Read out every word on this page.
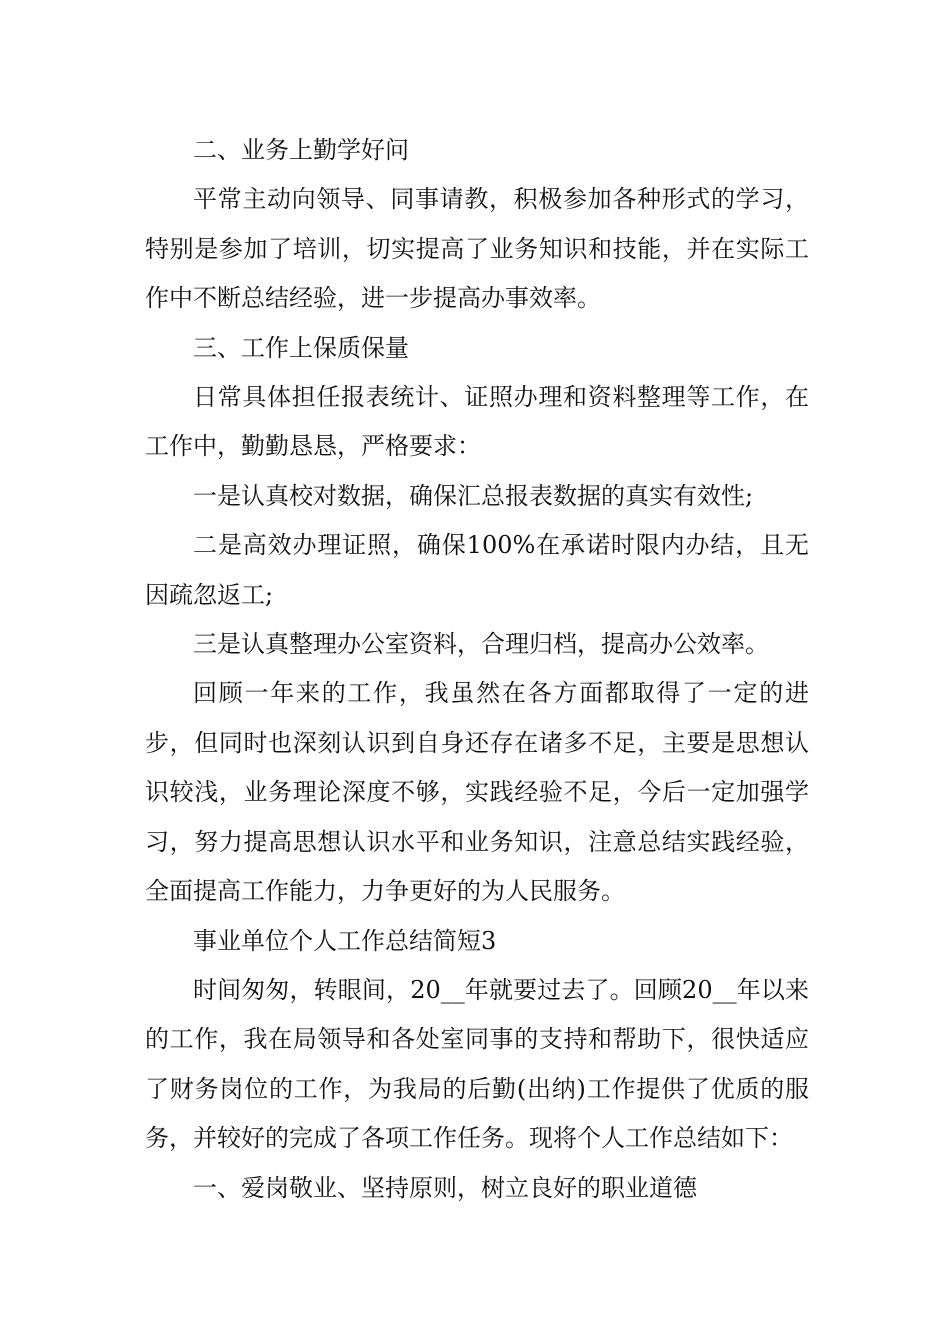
二、业务上勤学好问

平常主动向领导、同事请教，积极参加各种形式的学习，特别是参加了培训，切实提高了业务知识和技能，并在实际工作中不断总结经验，进一步提高办事效率。

三、工作上保质保量

日常具体担任报表统计、证照办理和资料整理等工作，在工作中，勤勤恳恳，严格要求：

一是认真校对数据，确保汇总报表数据的真实有效性;

二是高效办理证照，确保100%在承诺时限内办结，且无因疏忽返工;

三是认真整理办公室资料，合理归档，提高办公效率。

回顾一年来的工作，我虽然在各方面都取得了一定的进步，但同时也深刻认识到自身还存在诸多不足，主要是思想认识较浅，业务理论深度不够，实践经验不足，今后一定加强学习，努力提高思想认识水平和业务知识，注意总结实践经验，全面提高工作能力，力争更好的为人民服务。

事业单位个人工作总结简短3

时间匆匆，转眼间，20__年就要过去了。回顾20__年以来的工作，我在局领导和各处室同事的支持和帮助下，很快适应了财务岗位的工作，为我局的后勤(出纳)工作提供了优质的服务，并较好的完成了各项工作任务。现将个人工作总结如下：

一、爱岗敬业、坚持原则，树立良好的职业道德
